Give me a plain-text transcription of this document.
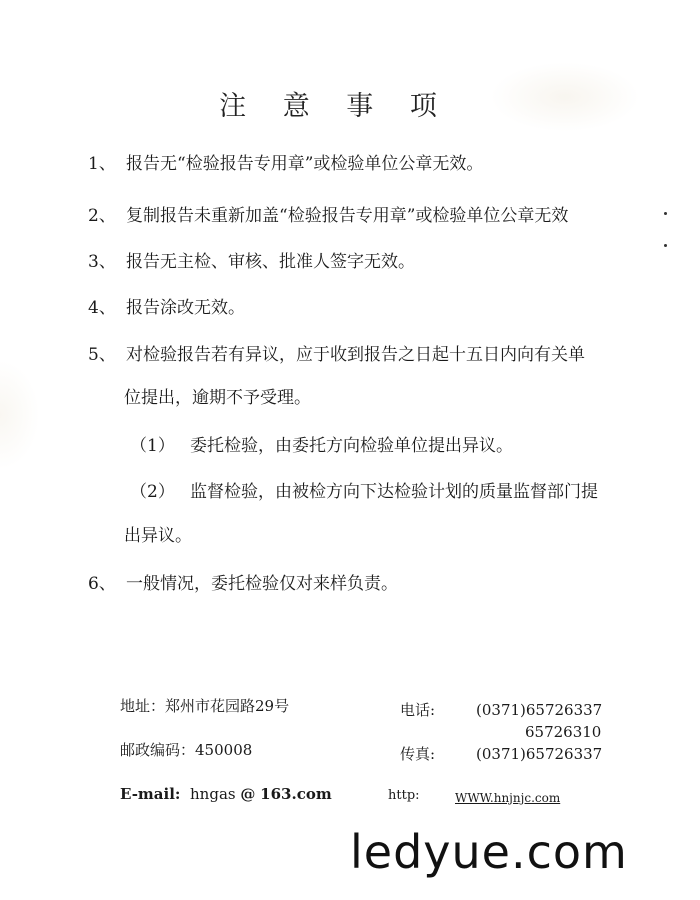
注 意 事 项
1、 报告无“检验报告专用章”或检验单位公章无效。
2、 复制报告未重新加盖“检验报告专用章”或检验单位公章无效
3、 报告无主检、审核、批准人签字无效。
4、 报告涂改无效。
5、 对检验报告若有异议，应于收到报告之日起十五日内向有关单
位提出，逾期不予受理。
（1） 委托检验，由委托方向检验单位提出异议。
（2） 监督检验，由被检方向下达检验计划的质量监督部门提
出异议。
6、 一般情况，委托检验仅对来样负责。
地址：郑州市花园路29号
邮政编码：450008
E-mail: hngas @ 163.com
电话:	(0371)65726337
65726310
传真:	(0371)65726337
http:	WWW.hnjnjc.com
ledyue.com
